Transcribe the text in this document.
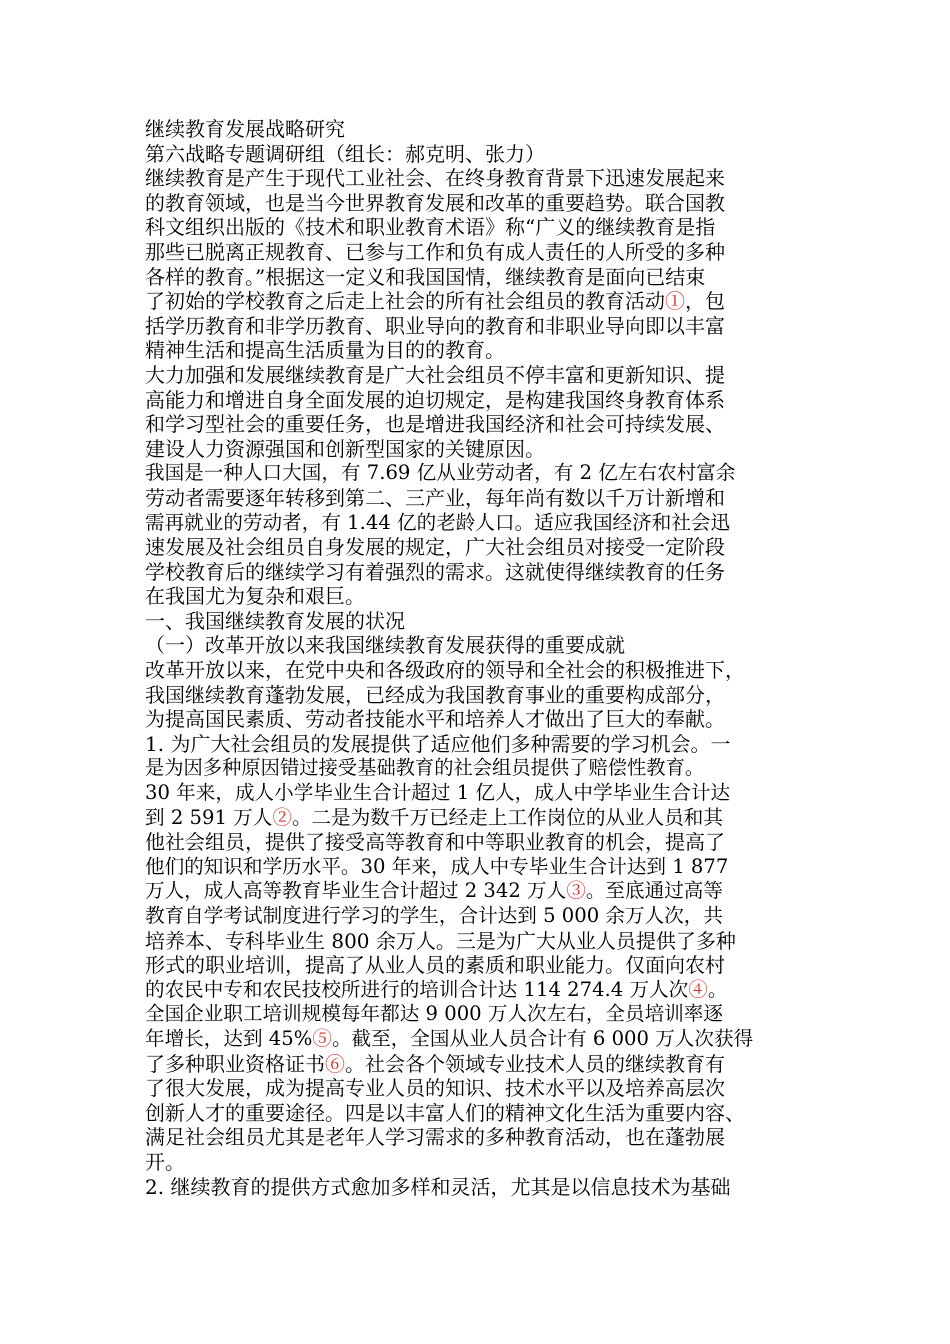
继续教育发展战略研究
第六战略专题调研组（组长：郝克明、张力）
继续教育是产生于现代工业社会、在终身教育背景下迅速发展起来
的教育领域，也是当今世界教育发展和改革的重要趋势。联合国教
科文组织出版的《技术和职业教育术语》称“广义的继续教育是指
那些已脱离正规教育、已参与工作和负有成人责任的人所受的多种
各样的教育。”根据这一定义和我国国情，继续教育是面向已结束
了初始的学校教育之后走上社会的所有社会组员的教育活动①，包
括学历教育和非学历教育、职业导向的教育和非职业导向即以丰富
精神生活和提高生活质量为目的的教育。
大力加强和发展继续教育是广大社会组员不停丰富和更新知识、提
高能力和增进自身全面发展的迫切规定，是构建我国终身教育体系
和学习型社会的重要任务，也是增进我国经济和社会可持续发展、
建设人力资源强国和创新型国家的关键原因。
我国是一种人口大国，有 7.69 亿从业劳动者，有 2 亿左右农村富余
劳动者需要逐年转移到第二、三产业，每年尚有数以千万计新增和
需再就业的劳动者，有 1.44 亿的老龄人口。适应我国经济和社会迅
速发展及社会组员自身发展的规定，广大社会组员对接受一定阶段
学校教育后的继续学习有着强烈的需求。这就使得继续教育的任务
在我国尤为复杂和艰巨。
一、我国继续教育发展的状况
（一）改革开放以来我国继续教育发展获得的重要成就
改革开放以来，在党中央和各级政府的领导和全社会的积极推进下，
我国继续教育蓬勃发展，已经成为我国教育事业的重要构成部分，
为提高国民素质、劳动者技能水平和培养人才做出了巨大的奉献。
1. 为广大社会组员的发展提供了适应他们多种需要的学习机会。一
是为因多种原因错过接受基础教育的社会组员提供了赔偿性教育。
30 年来，成人小学毕业生合计超过 1 亿人，成人中学毕业生合计达
到 2 591 万人②。二是为数千万已经走上工作岗位的从业人员和其
他社会组员，提供了接受高等教育和中等职业教育的机会，提高了
他们的知识和学历水平。30 年来，成人中专毕业生合计达到 1 877
万人，成人高等教育毕业生合计超过 2 342 万人③。至底通过高等
教育自学考试制度进行学习的学生，合计达到 5 000 余万人次，共
培养本、专科毕业生 800 余万人。三是为广大从业人员提供了多种
形式的职业培训，提高了从业人员的素质和职业能力。仅面向农村
的农民中专和农民技校所进行的培训合计达 114 274.4 万人次④。
全国企业职工培训规模每年都达 9 000 万人次左右，全员培训率逐
年增长，达到 45%⑤。截至，全国从业人员合计有 6 000 万人次获得
了多种职业资格证书⑥。社会各个领域专业技术人员的继续教育有
了很大发展，成为提高专业人员的知识、技术水平以及培养高层次
创新人才的重要途径。四是以丰富人们的精神文化生活为重要内容、
满足社会组员尤其是老年人学习需求的多种教育活动，也在蓬勃展
开。
2. 继续教育的提供方式愈加多样和灵活，尤其是以信息技术为基础
